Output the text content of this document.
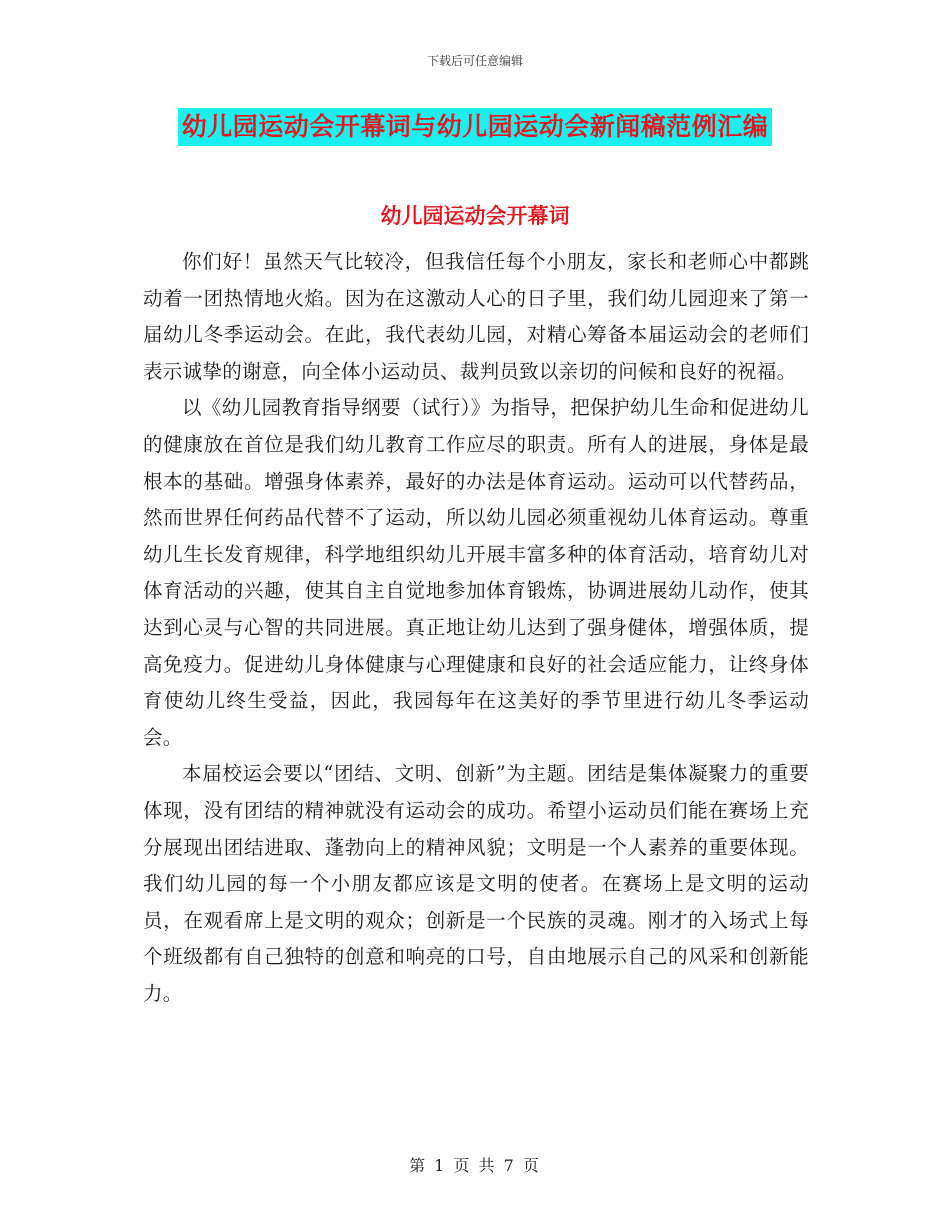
下载后可任意编辑
幼儿园运动会开幕词与幼儿园运动会新闻稿范例汇编
幼儿园运动会开幕词

你们好！虽然天气比较冷，但我信任每个小朋友，家长和老师心中都跳动着一团热情地火焰。因为在这激动人心的日子里，我们幼儿园迎来了第一届幼儿冬季运动会。在此，我代表幼儿园，对精心筹备本届运动会的老师们表示诚挚的谢意，向全体小运动员、裁判员致以亲切的问候和良好的祝福。

以《幼儿园教育指导纲要（试行）》为指导，把保护幼儿生命和促进幼儿的健康放在首位是我们幼儿教育工作应尽的职责。所有人的进展，身体是最根本的基础。增强身体素养，最好的办法是体育运动。运动可以代替药品，然而世界任何药品代替不了运动，所以幼儿园必须重视幼儿体育运动。尊重幼儿生长发育规律，科学地组织幼儿开展丰富多种的体育活动，培育幼儿对体育活动的兴趣，使其自主自觉地参加体育锻炼，协调进展幼儿动作，使其达到心灵与心智的共同进展。真正地让幼儿达到了强身健体，增强体质，提高免疫力。促进幼儿身体健康与心理健康和良好的社会适应能力，让终身体育使幼儿终生受益，因此，我园每年在这美好的季节里进行幼儿冬季运动会。

本届校运会要以“团结、文明、创新”为主题。团结是集体凝聚力的重要体现，没有团结的精神就没有运动会的成功。希望小运动员们能在赛场上充分展现出团结进取、蓬勃向上的精神风貌；文明是一个人素养的重要体现。我们幼儿园的每一个小朋友都应该是文明的使者。在赛场上是文明的运动员，在观看席上是文明的观众；创新是一个民族的灵魂。刚才的入场式上每个班级都有自己独特的创意和响亮的口号，自由地展示自己的风采和创新能力。

第 1 页 共 7 页
